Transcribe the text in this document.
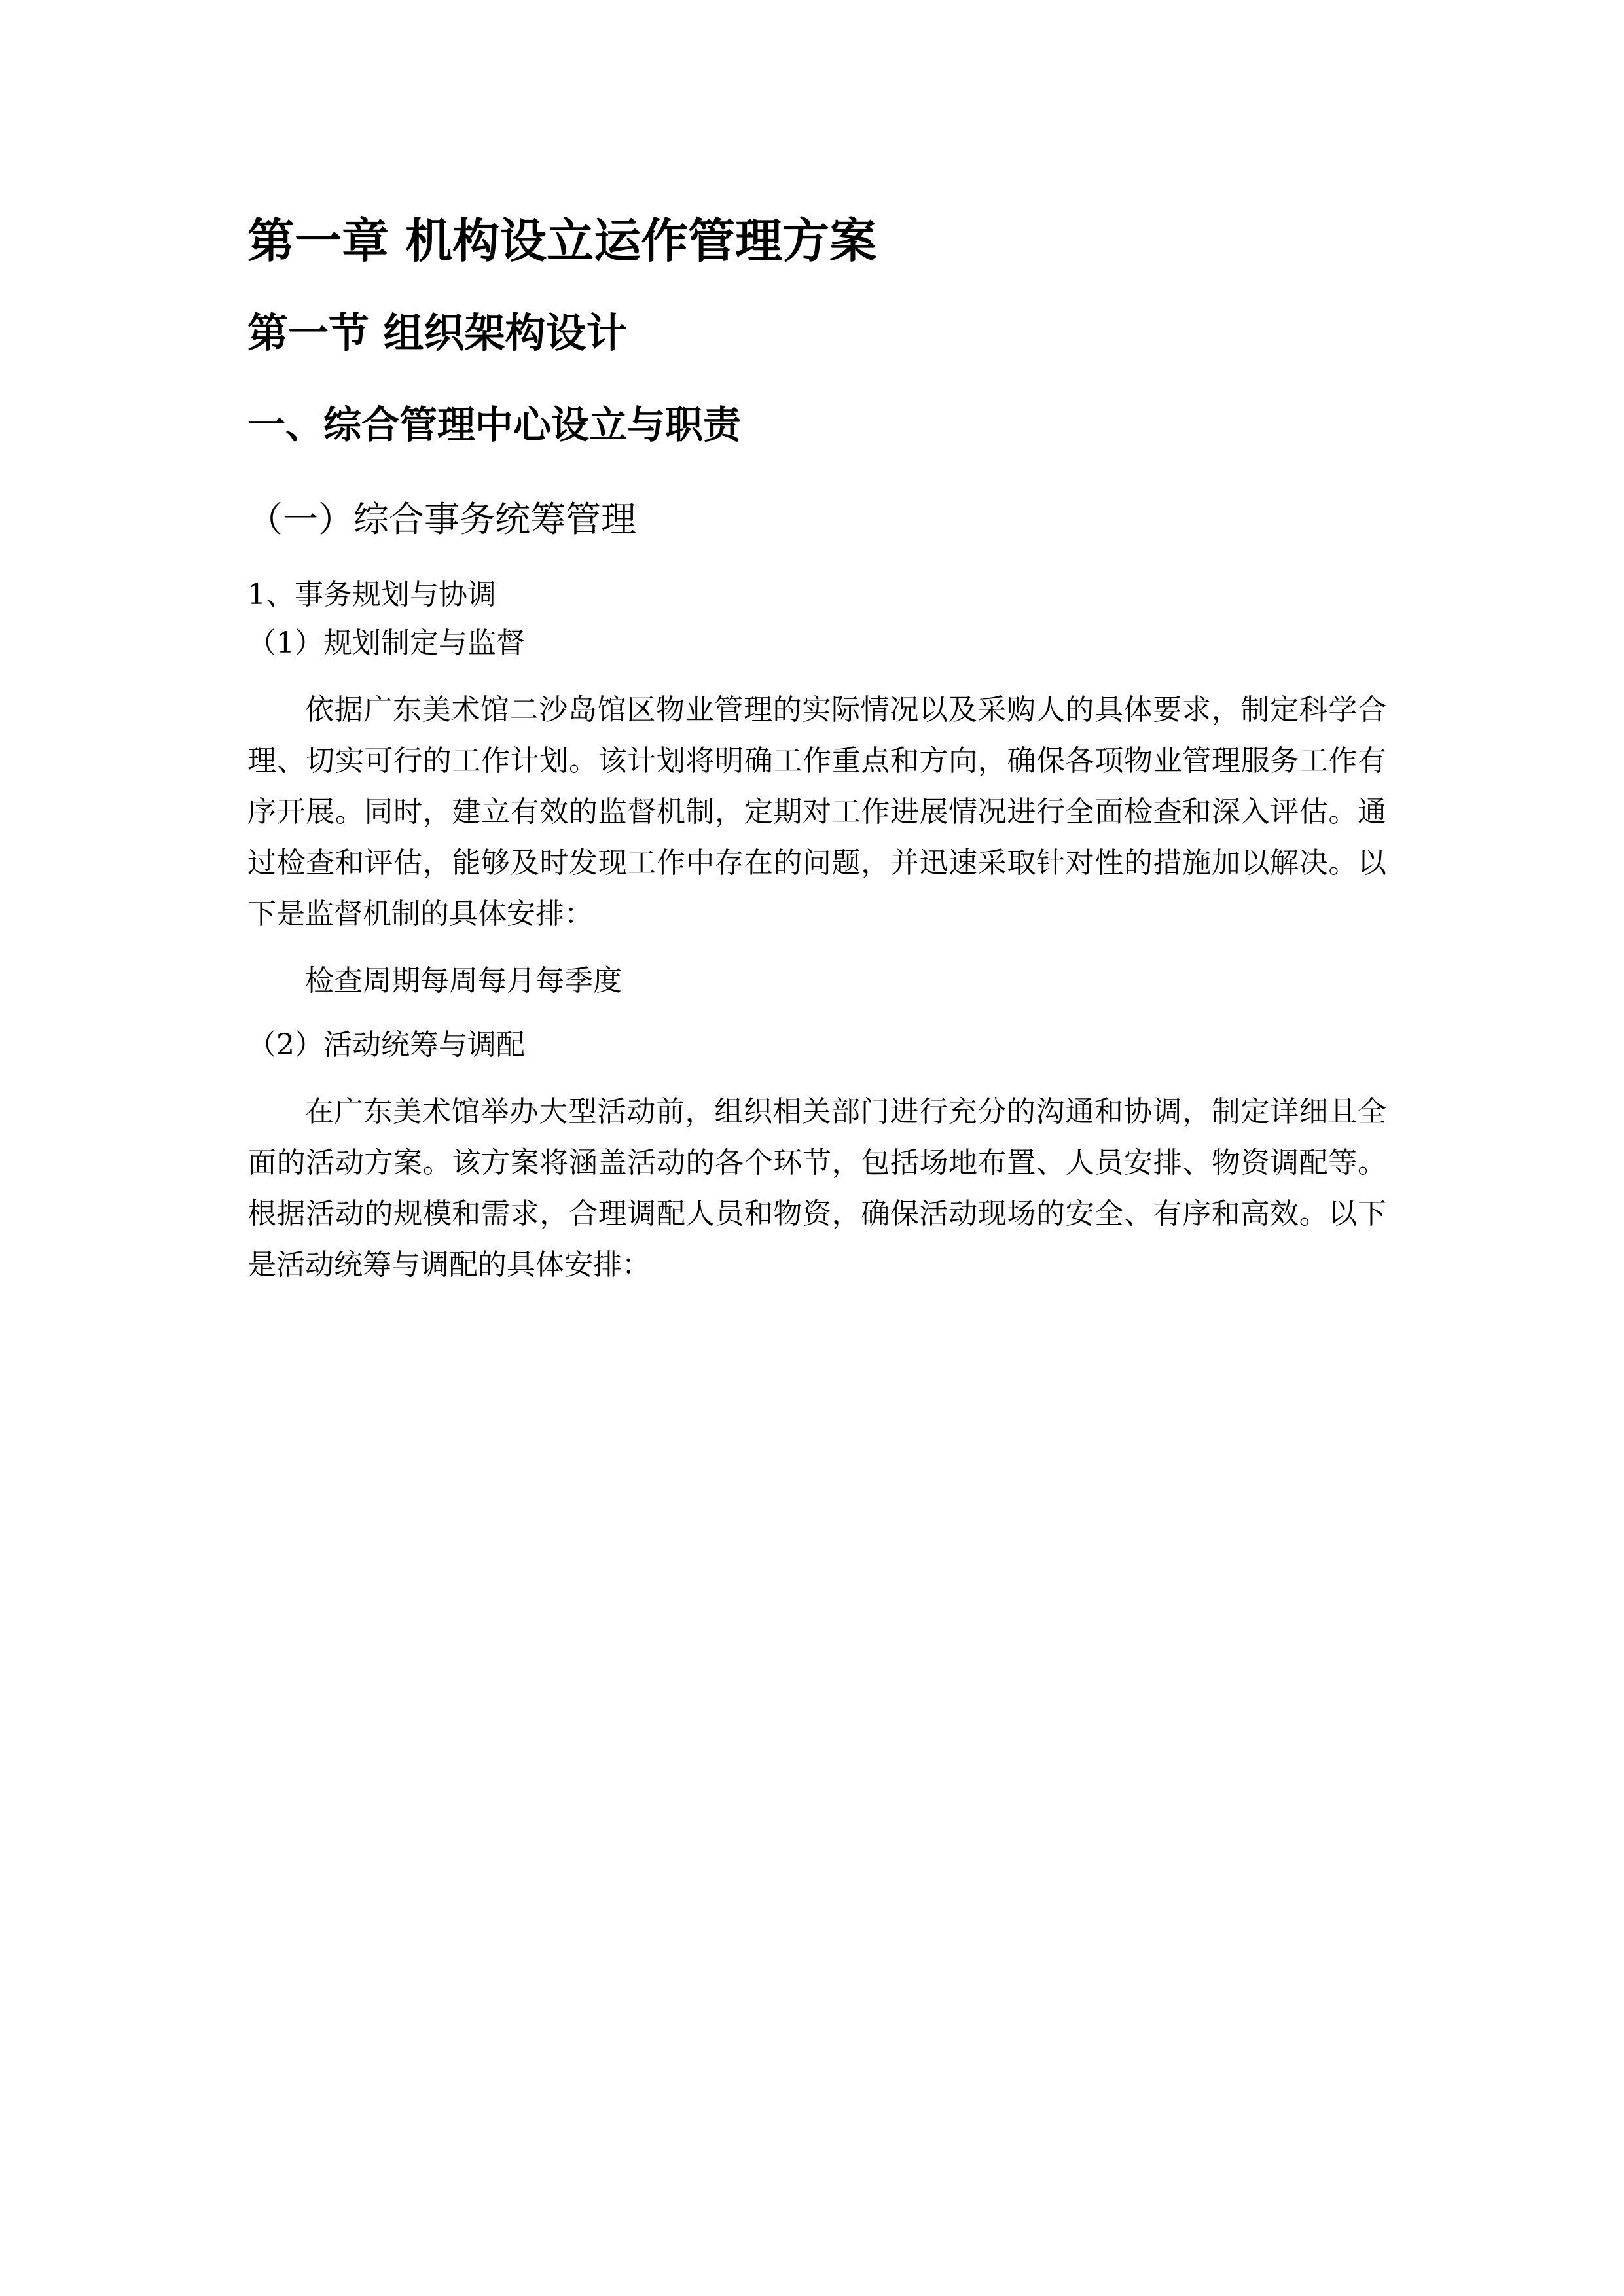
第一章 机构设立运作管理方案
第一节 组织架构设计
一、综合管理中心设立与职责
（一）综合事务统筹管理
1、事务规划与协调
（1）规划制定与监督

依据广东美术馆二沙岛馆区物业管理的实际情况以及采购人的具体要求，制定科学合理、切实可行的工作计划。该计划将明确工作重点和方向，确保各项物业管理服务工作有序开展。同时，建立有效的监督机制，定期对工作进展情况进行全面检查和深入评估。通过检查和评估，能够及时发现工作中存在的问题，并迅速采取针对性的措施加以解决。以下是监督机制的具体安排：

检查周期每周每月每季度

（2）活动统筹与调配

在广东美术馆举办大型活动前，组织相关部门进行充分的沟通和协调，制定详细且全面的活动方案。该方案将涵盖活动的各个环节，包括场地布置、人员安排、物资调配等。根据活动的规模和需求，合理调配人员和物资，确保活动现场的安全、有序和高效。以下是活动统筹与调配的具体安排：
